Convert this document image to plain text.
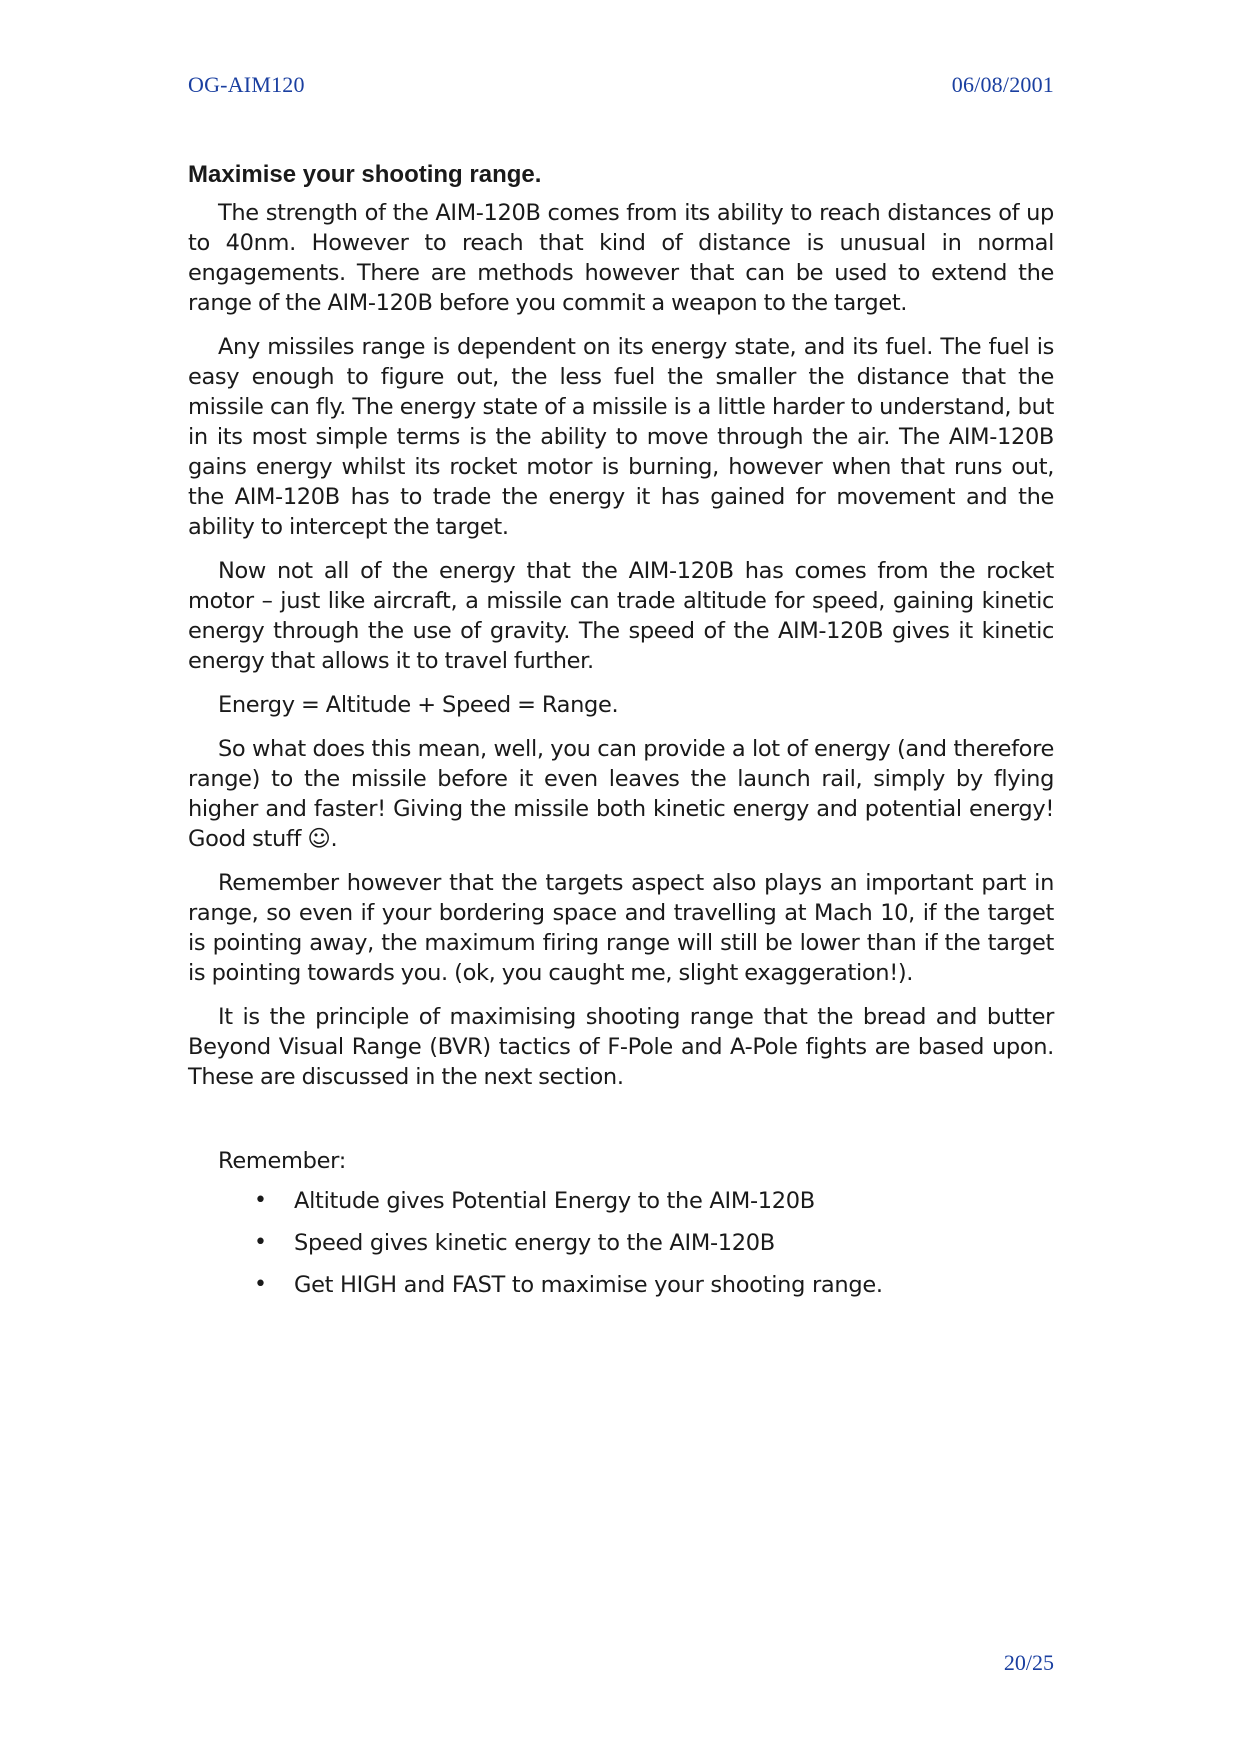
OG-AIM120	06/08/2001
Maximise your shooting range.

The strength of the AIM-120B comes from its ability to reach distances of up to 40nm. However to reach that kind of distance is unusual in normal engagements. There are methods however that can be used to extend the range of the AIM-120B before you commit a weapon to the target.

Any missiles range is dependent on its energy state, and its fuel. The fuel is easy enough to figure out, the less fuel the smaller the distance that the missile can fly. The energy state of a missile is a little harder to understand, but in its most simple terms is the ability to move through the air. The AIM-120B gains energy whilst its rocket motor is burning, however when that runs out, the AIM-120B has to trade the energy it has gained for movement and the ability to intercept the target.

Now not all of the energy that the AIM-120B has comes from the rocket motor – just like aircraft, a missile can trade altitude for speed, gaining kinetic energy through the use of gravity. The speed of the AIM-120B gives it kinetic energy that allows it to travel further.

Energy = Altitude + Speed = Range.

So what does this mean, well, you can provide a lot of energy (and therefore range) to the missile before it even leaves the launch rail, simply by flying higher and faster! Giving the missile both kinetic energy and potential energy! Good stuff ☺.

Remember however that the targets aspect also plays an important part in range, so even if your bordering space and travelling at Mach 10, if the target is pointing away, the maximum firing range will still be lower than if the target is pointing towards you. (ok, you caught me, slight exaggeration!).

It is the principle of maximising shooting range that the bread and butter Beyond Visual Range (BVR) tactics of F-Pole and A-Pole fights are based upon. These are discussed in the next section.

Remember:
• Altitude gives Potential Energy to the AIM-120B
• Speed gives kinetic energy to the AIM-120B
• Get HIGH and FAST to maximise your shooting range.
20/25
